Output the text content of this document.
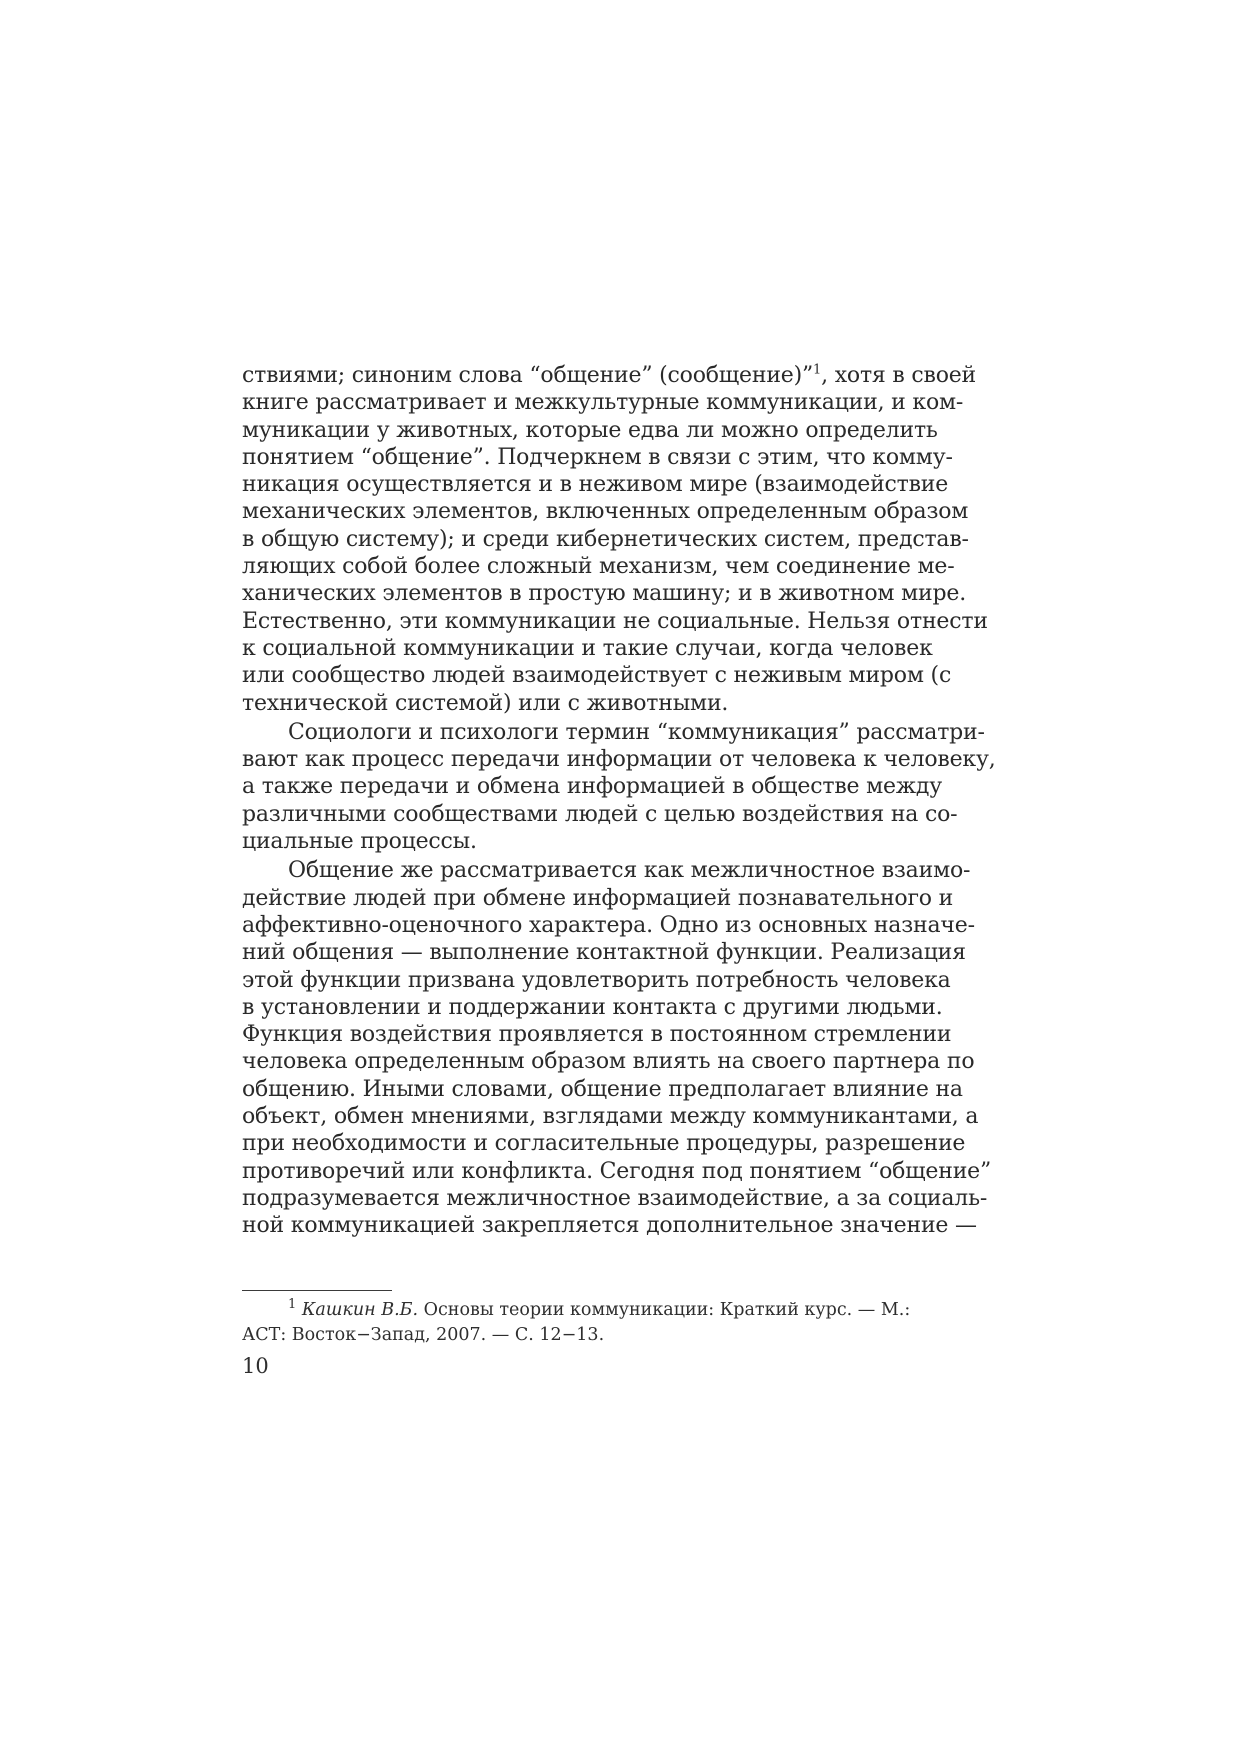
ствиями; синоним слова “общение” (сообщение)”$^1$, хотя в своей
книге рассматривает и межкультурные коммуникации, и ком-
муникации у животных, которые едва ли можно определить
понятием “общение”. Подчеркнем в связи с этим, что комму-
никация осуществляется и в неживом мире (взаимодействие
механических элементов, включенных определенным образом
в общую систему); и среди кибернетических систем, представ-
ляющих собой более сложный механизм, чем соединение ме-
ханических элементов в простую машину; и в животном мире.
Естественно, эти коммуникации не социальные. Нельзя отнести
к социальной коммуникации и такие случаи, когда человек
или сообщество людей взаимодействует с неживым миром (с
технической системой) или с животными.

Социологи и психологи термин “коммуникация” рассматри-
вают как процесс передачи информации от человека к человеку,
а также передачи и обмена информацией в обществе между
различными сообществами людей с целью воздействия на со-
циальные процессы.

Общение же рассматривается как межличностное взаимо-
действие людей при обмене информацией познавательного и
аффективно-оценочного характера. Одно из основных назначе-
ний общения — выполнение контактной функции. Реализация
этой функции призвана удовлетворить потребность человека
в установлении и поддержании контакта с другими людьми.
Функция воздействия проявляется в постоянном стремлении
человека определенным образом влиять на своего партнера по
общению. Иными словами, общение предполагает влияние на
объект, обмен мнениями, взглядами между коммуникантами, а
при необходимости и согласительные процедуры, разрешение
противоречий или конфликта. Сегодня под понятием “общение”
подразумевается межличностное взаимодействие, а за социаль-
ной коммуникацией закрепляется дополнительное значение —

$^1$ Кашкин В.Б. Основы теории коммуникации: Краткий курс. — М.:
АСТ: Восток−Запад, 2007. — С. 12−13.
10
